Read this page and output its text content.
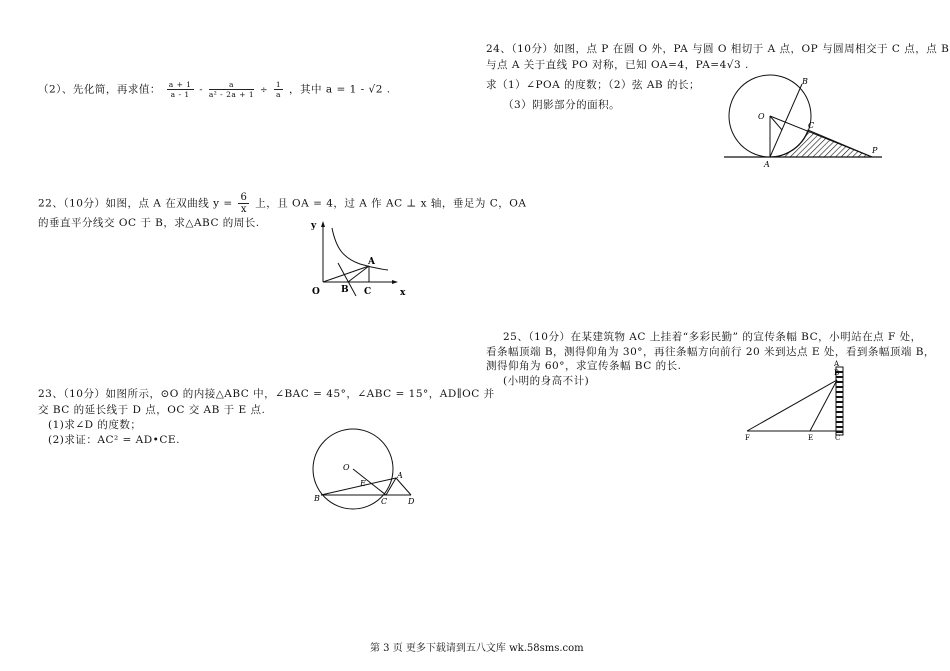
（2）、先化简，再求值： $\frac{a + 1}{a - 1} - \frac{a}{\text{a² - 2a + 1}} \div \frac{1}{a}$ ，其中 a = 1 - √2 .
22、（10分）如图，点 A 在双曲线 $y = \frac{6}{x}$ 上，且 OA = 4，过 A 作 AC ⊥ x 轴，垂足为 C，OA
的垂直平分线交 OC 于 B，求△ABC 的周长.	y
x
O
A
B C
23、（10分）如图所示，⊙O 的内接△ABC 中，∠BAC = 45°，∠ABC = 15°，AD∥OC 并
交 BC 的延长线于 D 点，OC 交 AB 于 E 点.
(1)求∠D 的度数；
(2)求证：AC² = AD•CE.
O
A
E
B	C	D
24、（10分）如图，点 P 在圆 O 外，PA 与圆 O 相切于 A 点，OP 与圆周相交于 C 点，点 B
与点 A 关于直线 PO 对称，已知 OA=4，PA=4√3 .
求（1）∠POA 的度数；（2）弦 AB 的长；
（3）阴影部分的面积。
B
O
C
A
P
25、（10分）在某建筑物 AC 上挂着“多彩民勤” 的宣传条幅 BC，小明站在点 F 处，
看条幅顶端 B，测得仰角为 30°，再往条幅方向前行 20 米到达点 E 处，看到条幅顶端 B，
测得仰角为 60°，求宣传条幅 BC 的长.
(小明的身高不计)
A
B
F	E	C
第 3 页 更多下载请到五八文库 wk.58sms.com
